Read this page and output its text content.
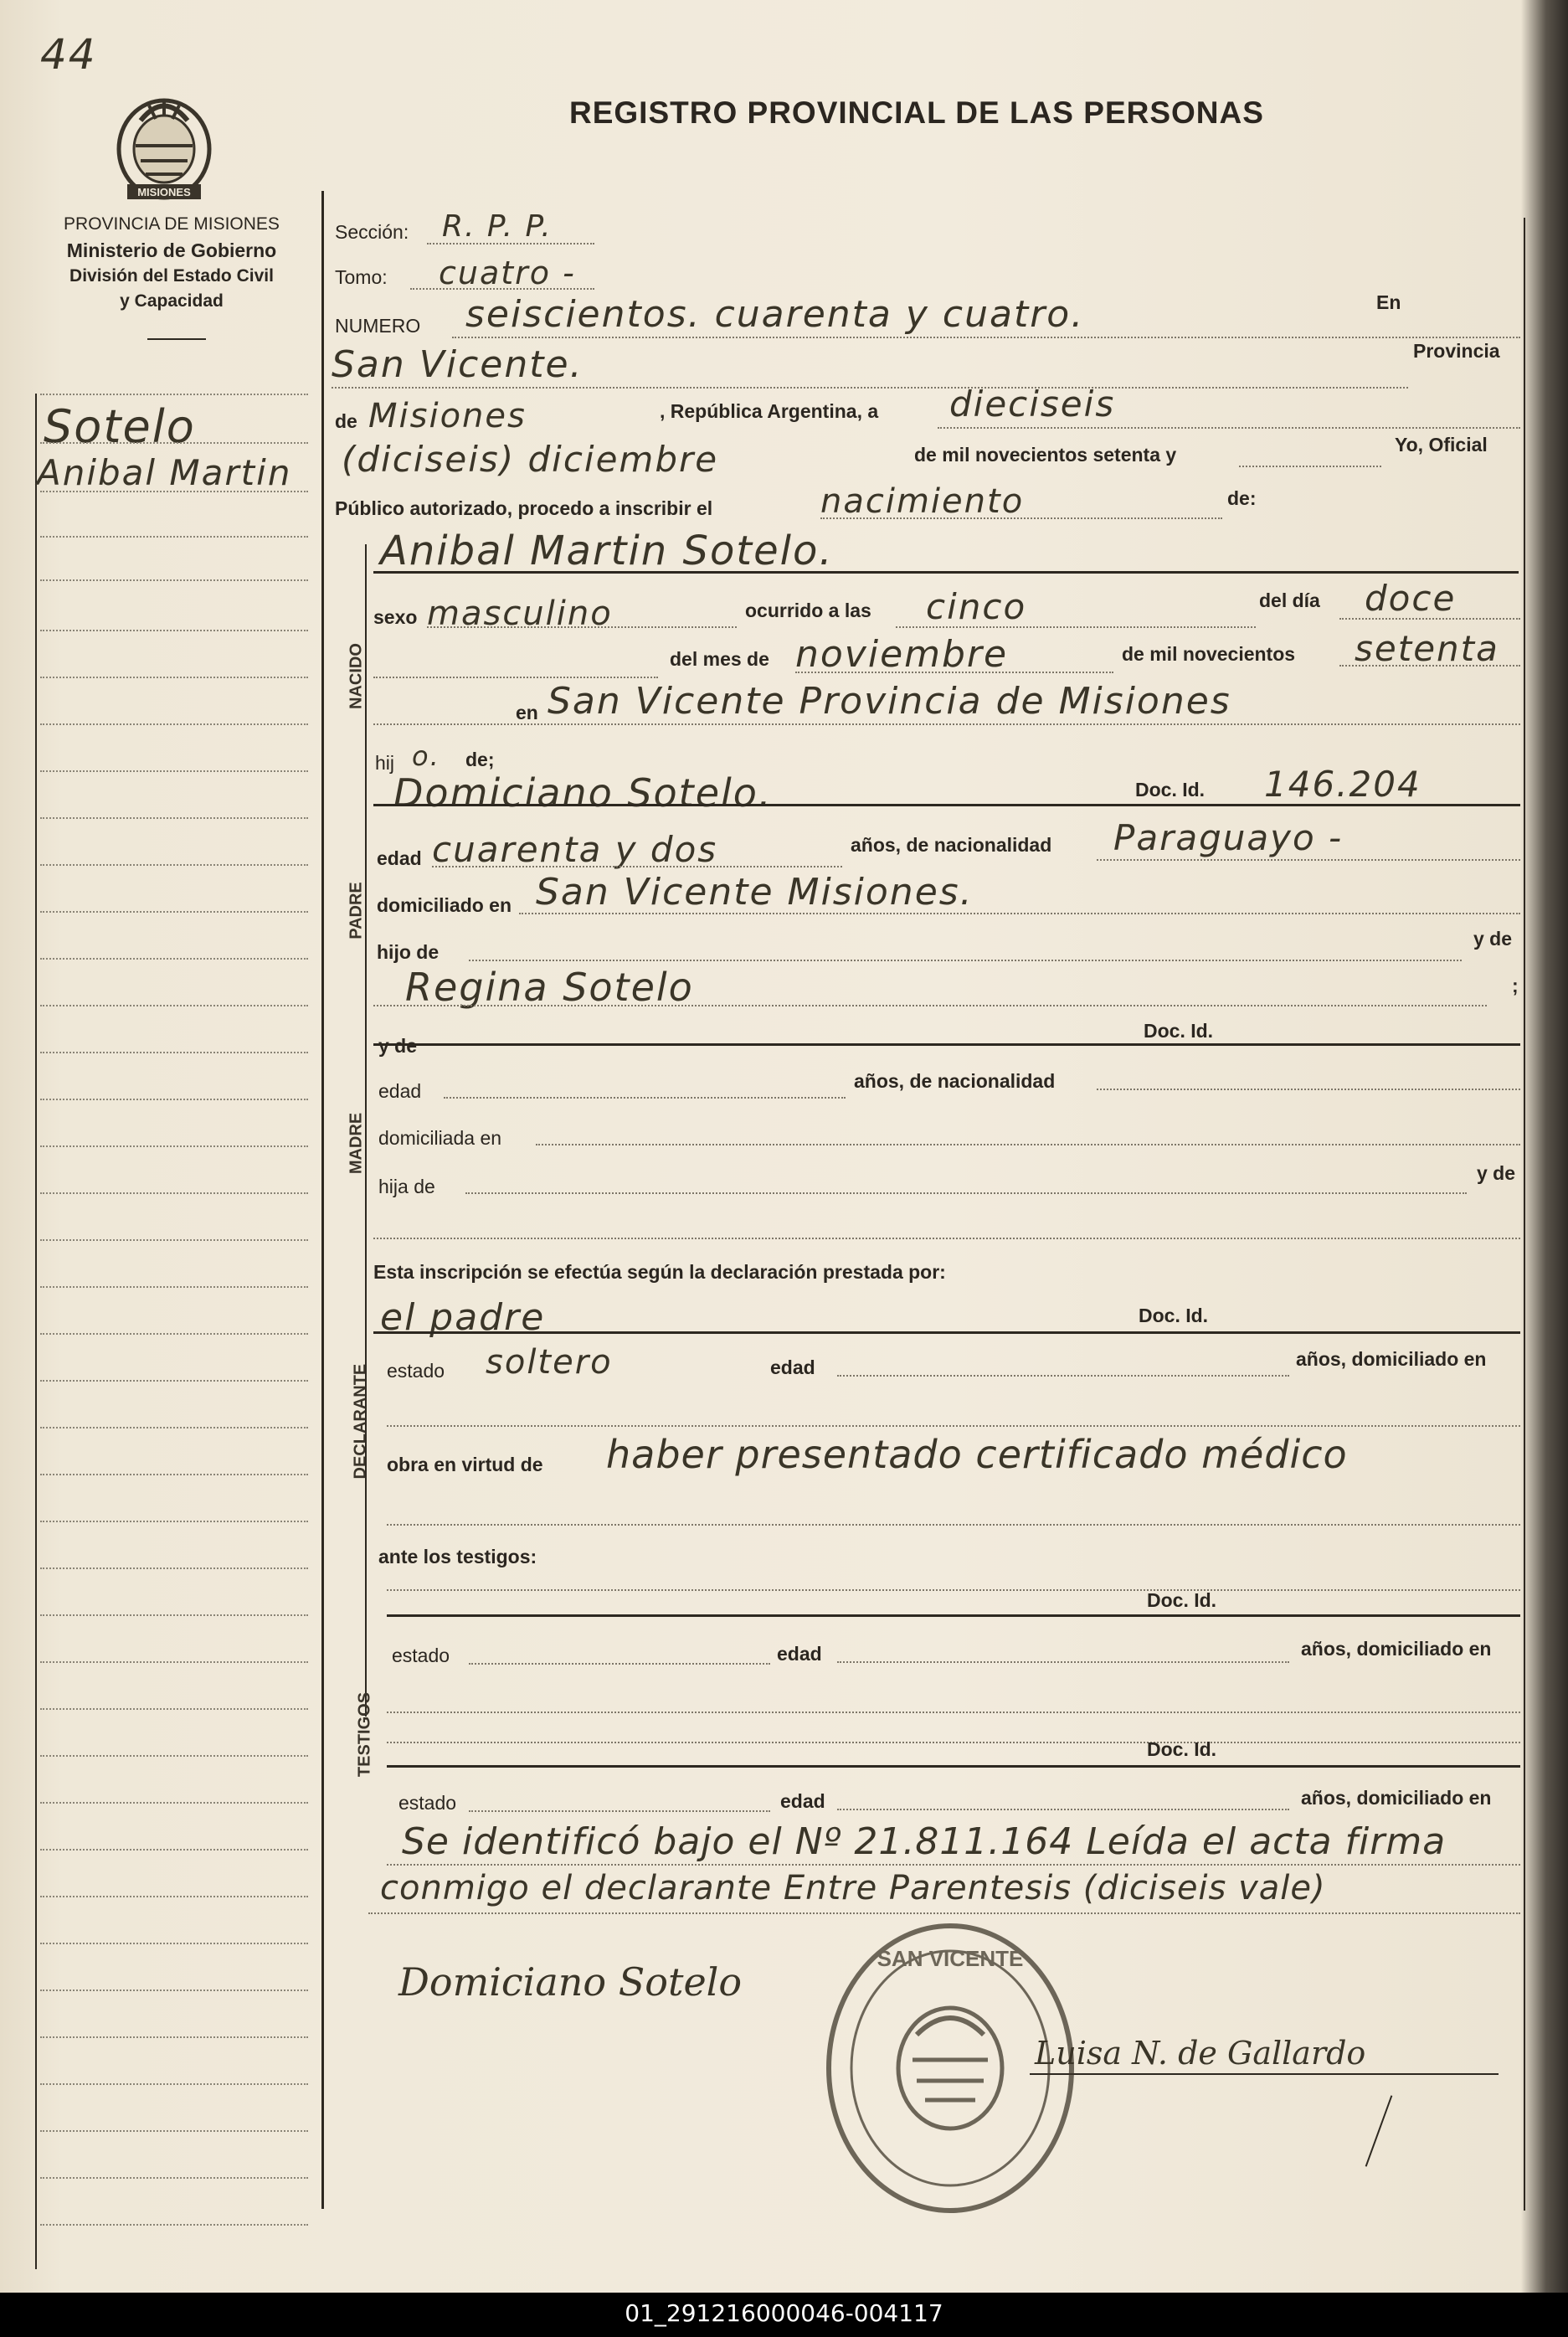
44
MISIONES
REGISTRO PROVINCIAL DE LAS PERSONAS
PROVINCIA DE MISIONES
Ministerio de Gobierno
División del Estado Civil
y Capacidad
Sotelo
Anibal Martin
Sección: R. P. P.
Tomo: cuatro -
NUMERO seiscientos. cuarenta y cuatro.	En
San Vicente.	Provincia
de Misiones	, República Argentina, a dieciseis
(diciseis) diciembre	de mil novecientos setenta y	Yo, Oficial
Público autorizado, procedo a inscribir el	nacimiento	de:
NACIDO
Anibal Martin Sotelo.
sexo masculino	ocurrido a las cinco	del día doce
del mes de noviembre	de mil novecientos setenta
en San Vicente Provincia de Misiones
hij o. de;
PADRE
Domiciano Sotelo.	Doc. Id. 146.204
edad cuarenta y dos	años, de nacionalidad Paraguayo -
domiciliado en San Vicente Misiones.
hijo de
y de
Regina Sotelo	;
MADRE
y de
Doc. Id.
edad	años, de nacionalidad
domiciliada en
hija de
y de
Esta inscripción se efectúa según la declaración prestada por:
DECLARANTE
el padre	Doc. Id.
estado soltero	edad	años, domiciliado en
obra en virtud de haber presentado certificado médico
ante los testigos:
TESTIGOS
Doc. Id.
estado	edad	años, domiciliado en
Doc. Id.
estado	edad	años, domiciliado en
Se identificó bajo el Nº 21.811.164 Leída el acta firma
conmigo el declarante Entre Parentesis (diciseis vale)
Domiciano Sotelo
Luisa N. de Gallardo
SAN VICENTE
01_291216000046-004117
